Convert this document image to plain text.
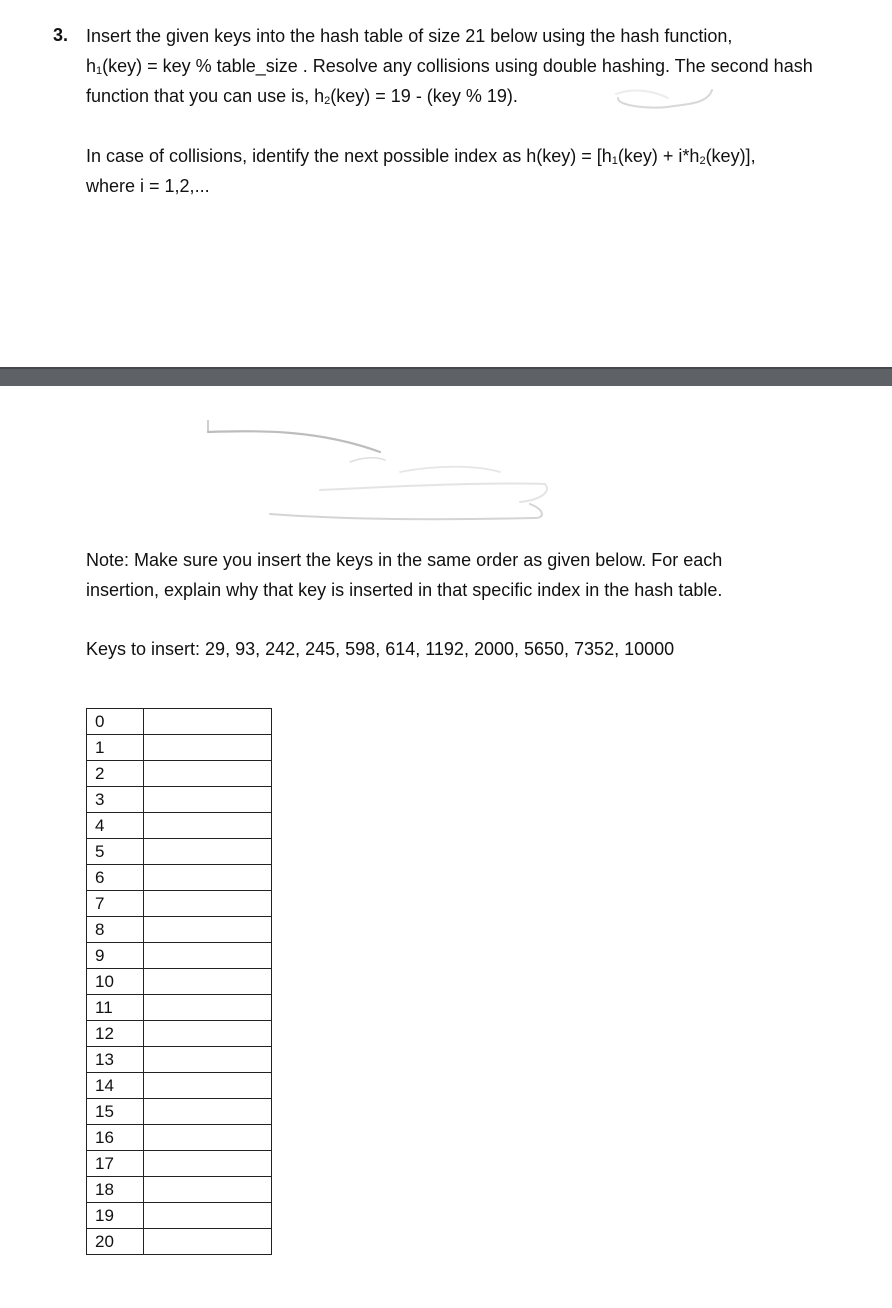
3. Insert the given keys into the hash table of size 21 below using the hash function,
$h_1(key)$ = key % table_size . Resolve any collisions using double hashing. The second hash
function that you can use is, $h_2(key) = 19 - (key$ % 19).
In case of collisions, identify the next possible index as $h(key) = [h_1(key) + i*h_2(key)]$,
where i = 1,2,...
Note: Make sure you insert the keys in the same order as given below. For each
insertion, explain why that key is inserted in that specific index in the hash table.
Keys to insert: 29, 93, 242, 245, 598, 614, 1192, 2000, 5650, 7352, 10000
0	
1	
2	
3	
4	
5	
6	
7	
8	
9	
10	
11	
12	
13	
14	
15	
16	
17	
18	
19	
20	
